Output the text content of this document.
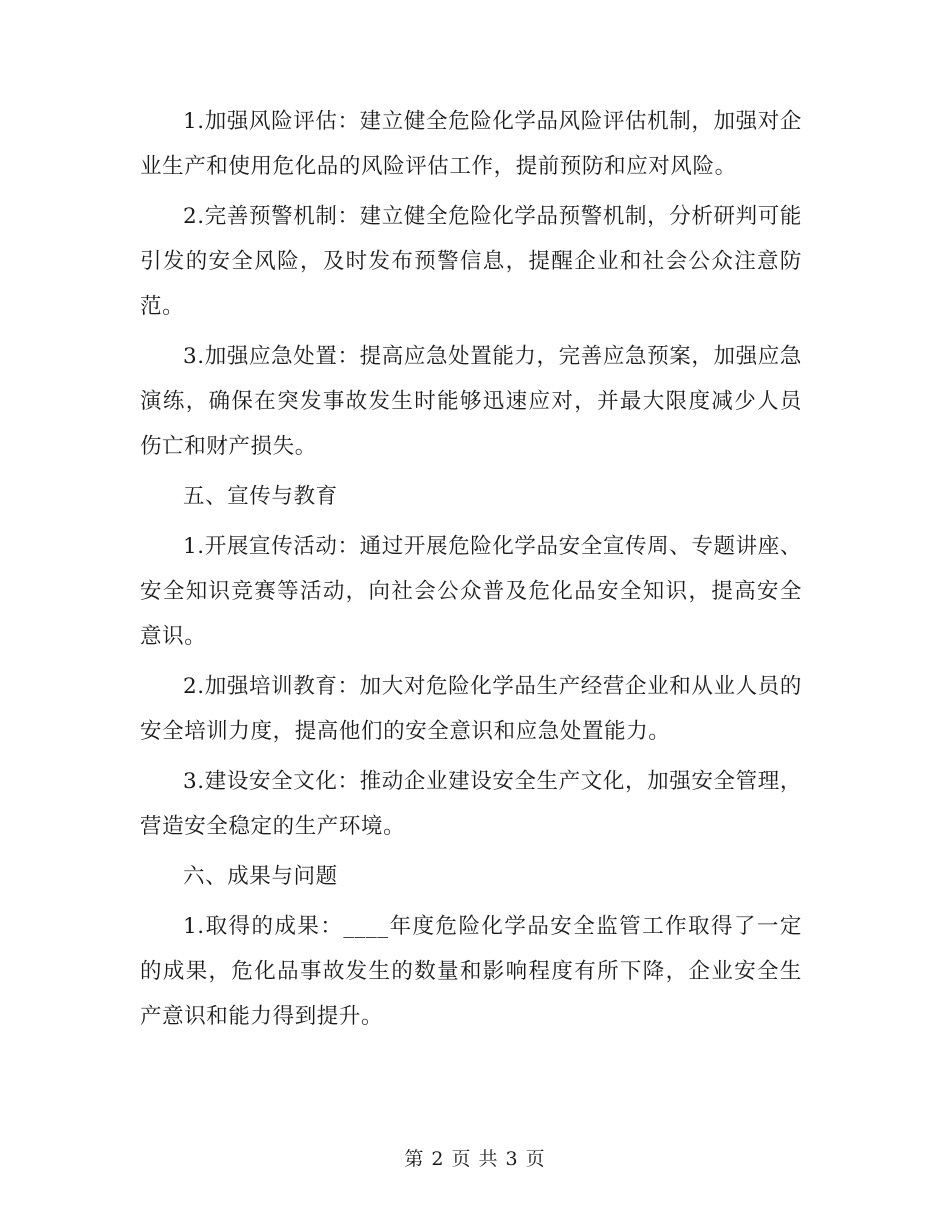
1.加强风险评估：建立健全危险化学品风险评估机制，加强对企业生产和使用危化品的风险评估工作，提前预防和应对风险。

2.完善预警机制：建立健全危险化学品预警机制，分析研判可能引发的安全风险，及时发布预警信息，提醒企业和社会公众注意防范。

3.加强应急处置：提高应急处置能力，完善应急预案，加强应急演练，确保在突发事故发生时能够迅速应对，并最大限度减少人员伤亡和财产损失。

五、宣传与教育

1.开展宣传活动：通过开展危险化学品安全宣传周、专题讲座、安全知识竞赛等活动，向社会公众普及危化品安全知识，提高安全意识。

2.加强培训教育：加大对危险化学品生产经营企业和从业人员的安全培训力度，提高他们的安全意识和应急处置能力。

3.建设安全文化：推动企业建设安全生产文化，加强安全管理，营造安全稳定的生产环境。

六、成果与问题

1.取得的成果：____年度危险化学品安全监管工作取得了一定的成果，危化品事故发生的数量和影响程度有所下降，企业安全生产意识和能力得到提升。

第 2 页 共 3 页
